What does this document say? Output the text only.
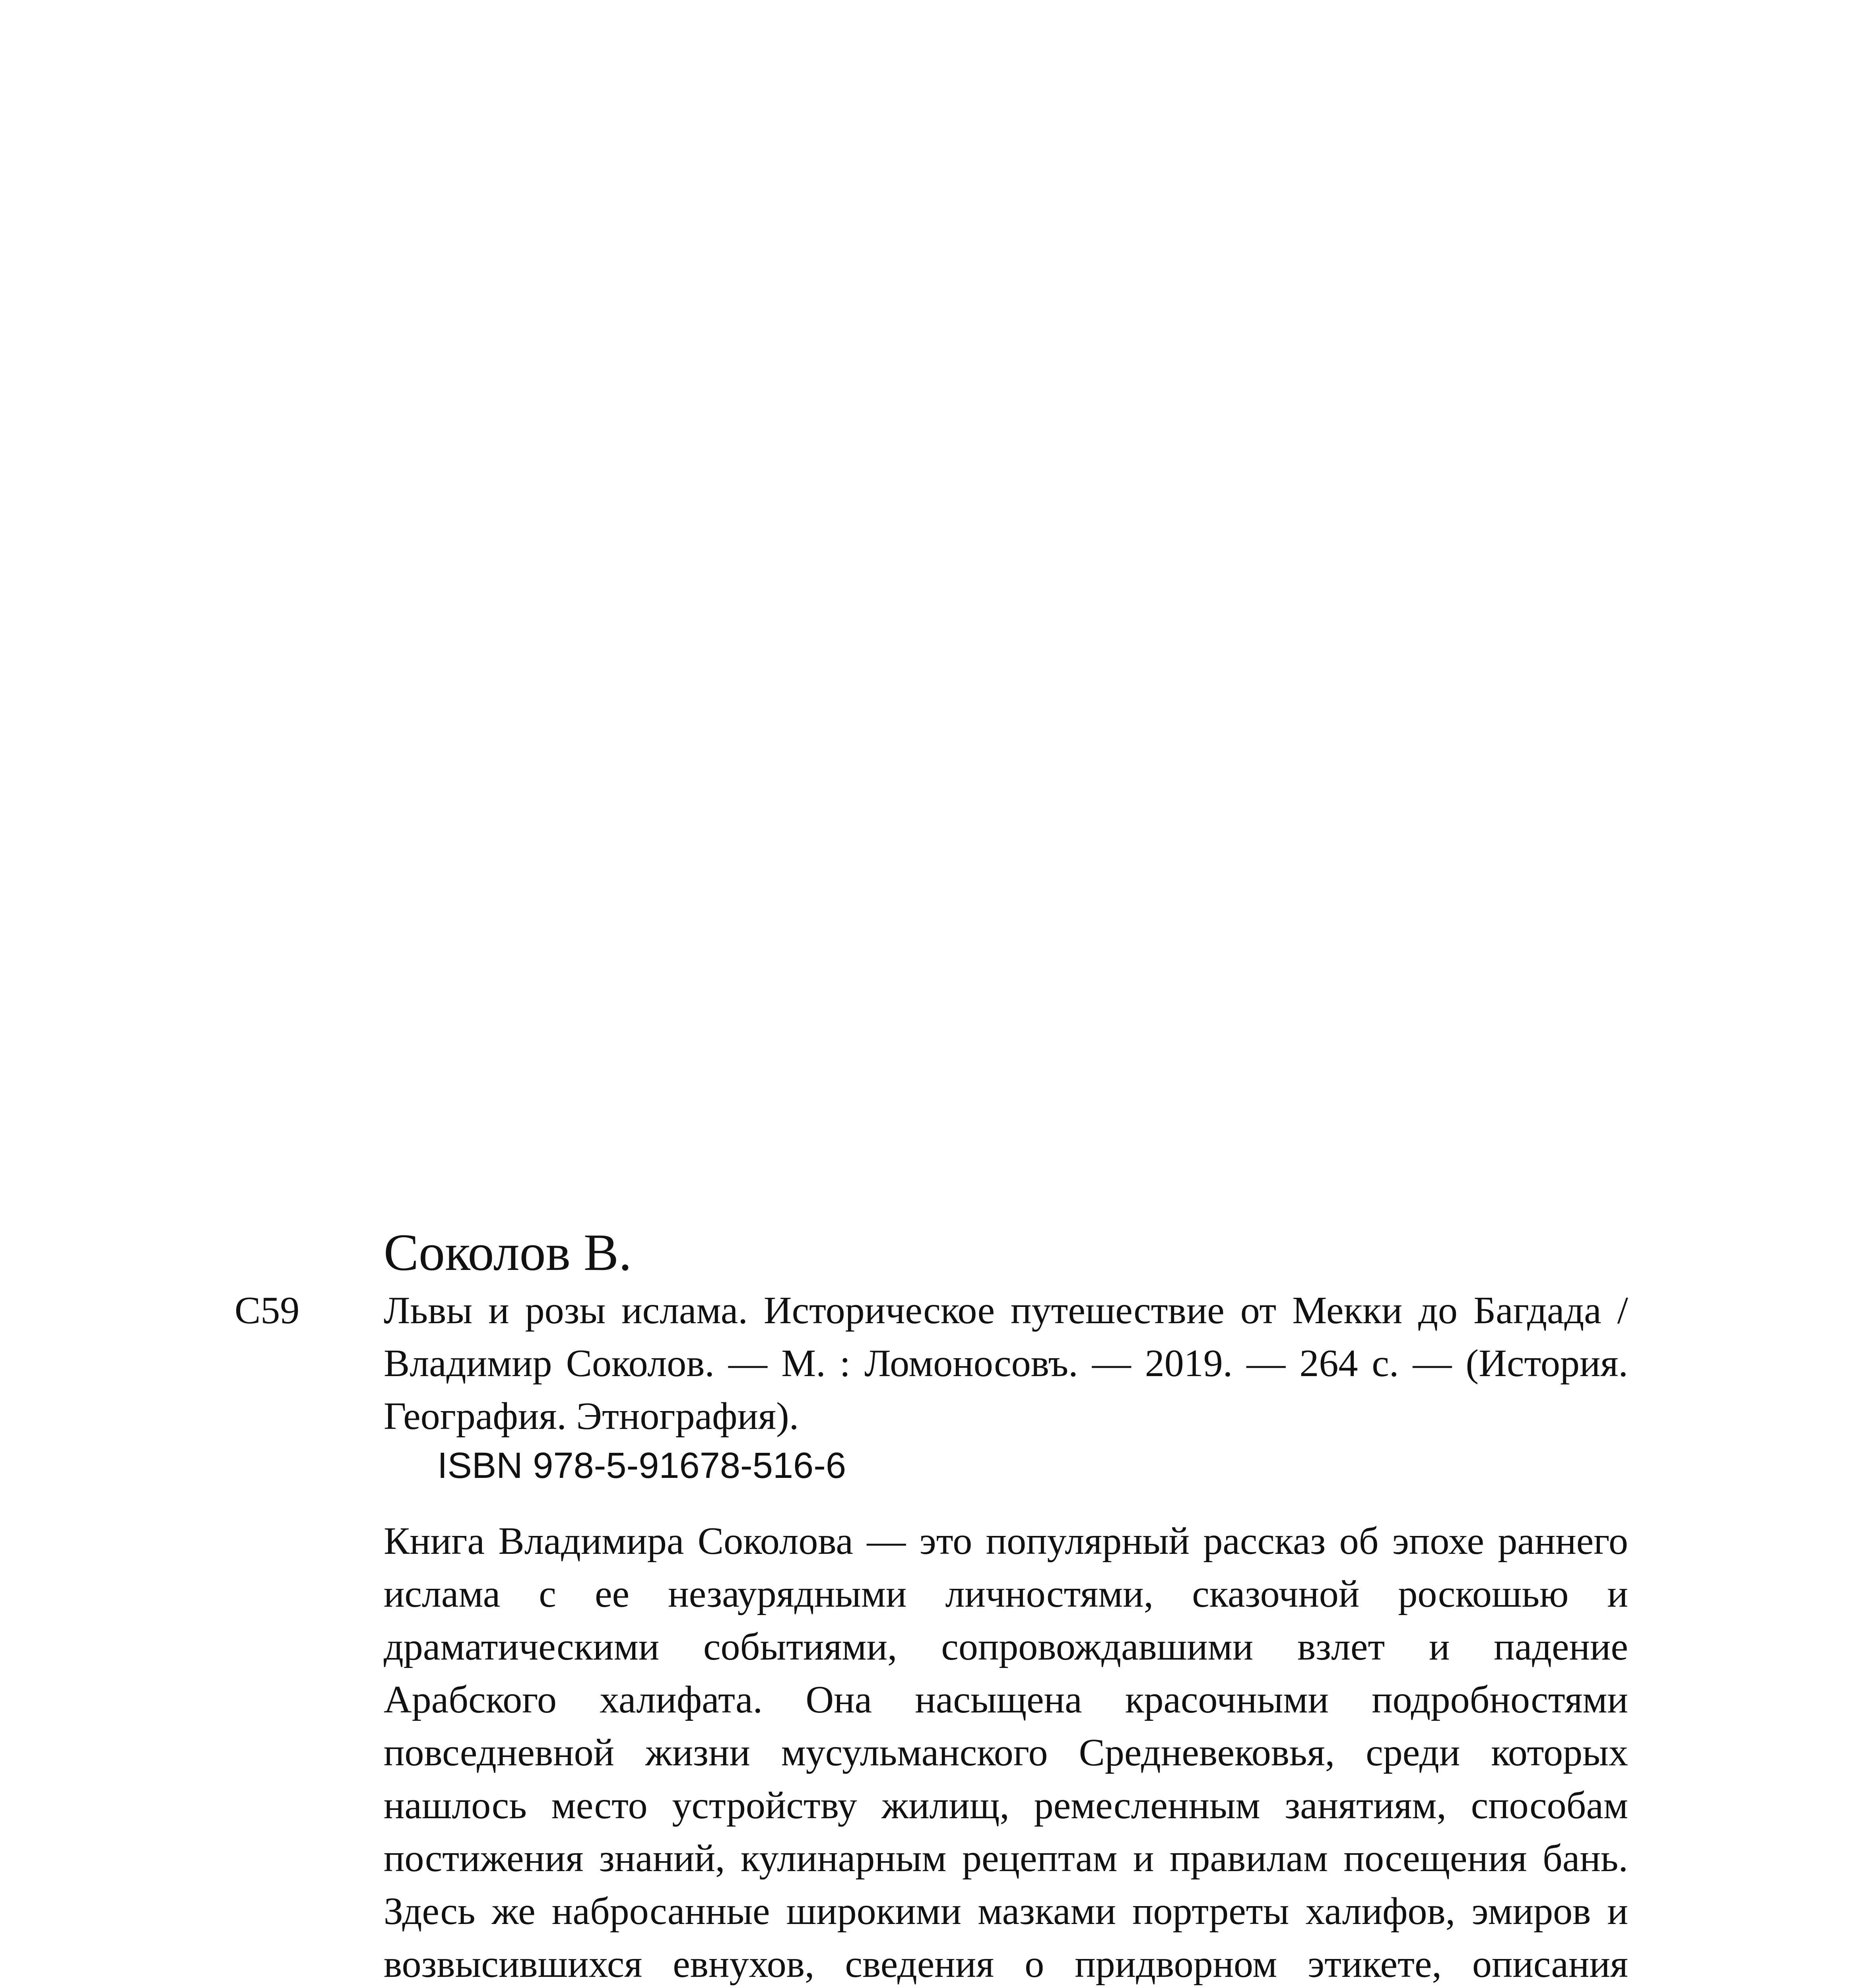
Соколов В.
С59 Львы и розы ислама. Историческое путешествие от Мекки до Багдада / Владимир Соколов. — М. : Ломоносовъ. — 2019. — 264 с. — (История. География. Этнография).
ISBN 978-5-91678-516-6

Книга Владимира Соколова — это популярный рассказ об эпохе раннего ислама с ее незаурядными личностями, сказочной роскошью и драматическими событиями, сопровождавшими взлет и падение Арабского халифата. Она насыщена красочными подробностями повседневной жизни мусульманского Средневековья, среди которых нашлось место устройству жилищ, ремесленным занятиям, способам постижения знаний, кулинарным рецептам и правилам посещения бань. Здесь же набросанные широкими мазками портреты халифов, эмиров и возвысившихся евнухов, сведения о придворном этикете, описания
